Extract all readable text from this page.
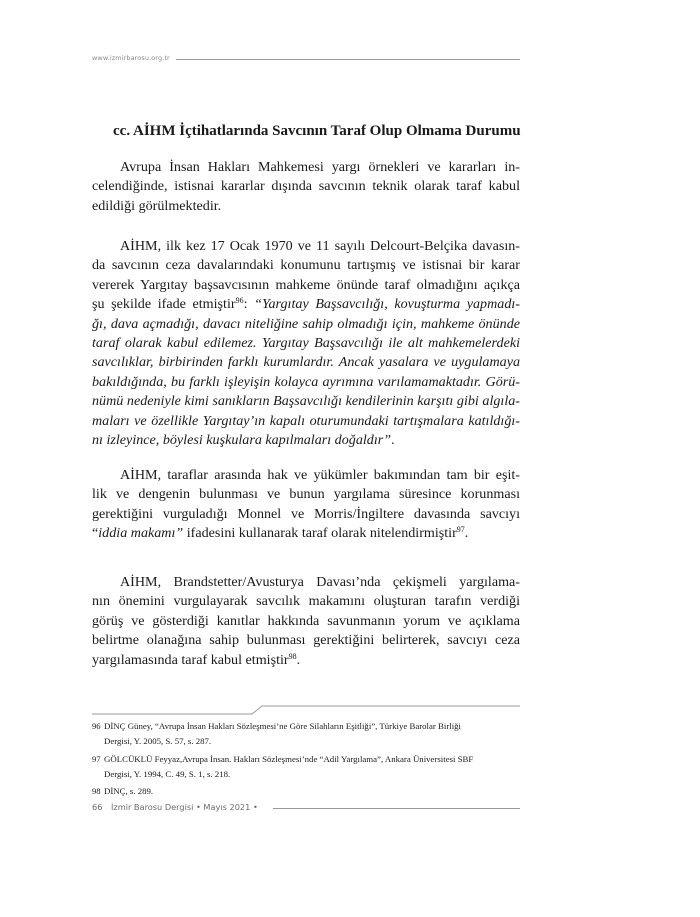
www.izmirbarosu.org.tr
cc. AİHM İçtihatlarında Savcının Taraf Olup Olmama Durumu
Avrupa İnsan Hakları Mahkemesi yargı örnekleri ve kararları in-
celendiğinde, istisnai kararlar dışında savcının teknik olarak taraf kabul
edildiği görülmektedir.
AİHM, ilk kez 17 Ocak 1970 ve 11 sayılı Delcourt-Belçika davasın-
da savcının ceza davalarındaki konumunu tartışmış ve istisnai bir karar
vererek Yargıtay başsavcısının mahkeme önünde taraf olmadığını açıkça
şu şekilde ifade etmiştir$^{96}$: “Yargıtay Başsavcılığı, kovuşturma yapmadı-
ğı, dava açmadığı, davacı niteliğine sahip olmadığı için, mahkeme önünde
taraf olarak kabul edilemez. Yargıtay Başsavcılığı ile alt mahkemelerdeki
savcılıklar, birbirinden farklı kurumlardır. Ancak yasalara ve uygulamaya
bakıldığında, bu farklı işleyişin kolayca ayrımına varılamamaktadır. Görü-
nümü nedeniyle kimi sanıkların Başsavcılığı kendilerinin karşıtı gibi algıla-
maları ve özellikle Yargıtay’ın kapalı oturumundaki tartışmalara katıldığı-
nı izleyince, böylesi kuşkulara kapılmaları doğaldır”.
AİHM, taraflar arasında hak ve yükümler bakımından tam bir eşit-
lik ve dengenin bulunması ve bunun yargılama süresince korunması
gerektiğini vurguladığı Monnel ve Morris/İngiltere davasında savcıyı
“iddia makamı” ifadesini kullanarak taraf olarak nitelendirmiştir$^{97}$.
AİHM, Brandstetter/Avusturya Davası’nda çekişmeli yargılama-
nın önemini vurgulayarak savcılık makamını oluşturan tarafın verdiği
görüş ve gösterdiği kanıtlar hakkında savunmanın yorum ve açıklama
belirtme olanağına sahip bulunması gerektiğini belirterek, savcıyı ceza
yargılamasında taraf kabul etmiştir$^{98}$.
96 DİNÇ Güney, “Avrupa İnsan Hakları Sözleşmesi’ne Göre Silahların Eşitliği”, Türkiye Barolar Birliği
Dergisi, Y. 2005, S. 57, s. 287.
97 GÖLCÜKLÜ Feyyaz,Avrupa İnsan. Hakları Sözleşmesi’nde “Adil Yargılama”, Ankara Üniversitesi SBF
Dergisi, Y. 1994, C. 49, S. 1, s. 218.
98 DİNÇ, s. 289.
66 İzmir Barosu Dergisi • Mayıs 2021 •
